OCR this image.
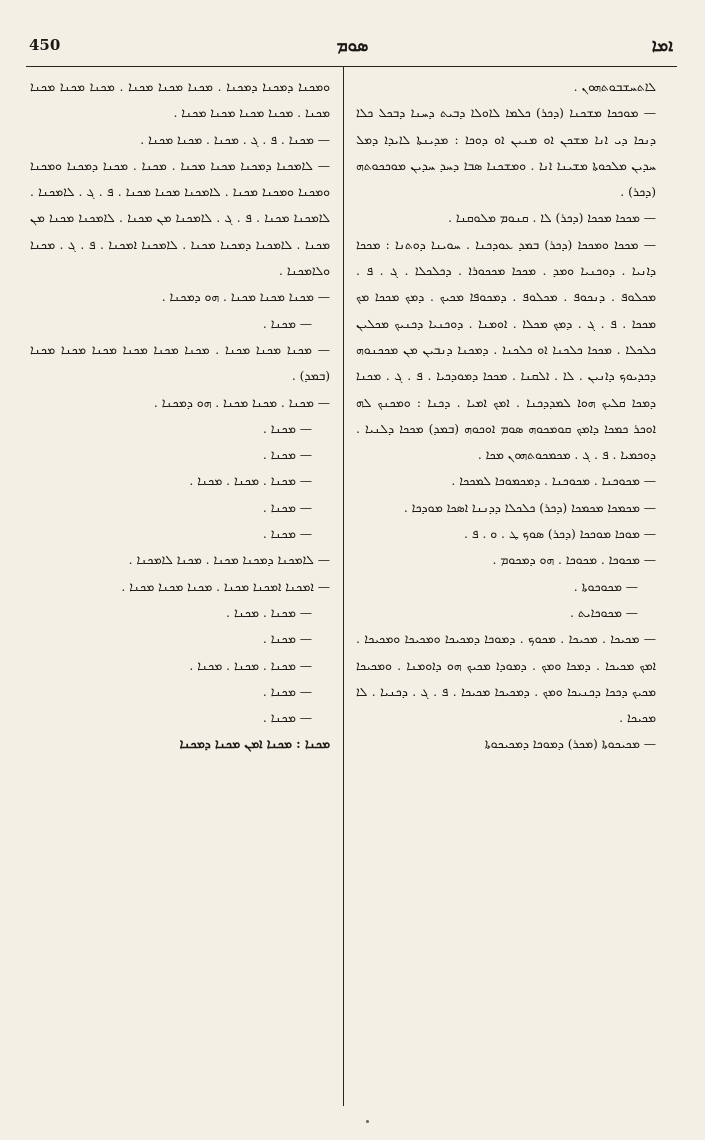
450	ܣܘܡ	ܐܡܐ

ܠܐܬܚܫܒܘܬܗܘܢ .

— ܡܘܟܟܐ ܡܫܟܢܐ (ܕܟܪ) ܟܠܡܐ ܠܐܘܠܐ ܕܒܝܬ ܕܚܢܐ ܕܒܟܠ ܟܠܐ ܕܢܟܐ ܕܝ ܐܢܐ ܡܫܟܢ ܐܘ ܡܢܝܢ ܐܘ ܕܘܟܐ : ܡܕܝܢܬܐ ܠܐܝܕܐ ܕܡܠ ܚܕܝܢ ܡܠܟܘܬܐ ܡܫܝܢܐ ܐܢܐ . ܘܡܫܟܢܐ ܣܒܐ ܕܚܕ ܚܕܝܢ ܡܘܟܟܘܬܗ (ܕܟܪ) .

— ܡܟܟܐ ܡܟܟܐ (ܕܟܪ) ܠܐ . ܩܢܘܡ ܡܠܘܩܢܐ .

— ܡܟܟܐ ܘܡܟܟܐ (ܕܟܪ) ܒܡܕ ܥܘܕܟܢܐ . ܚܘܝܢܐ ܕܘܬܢܐ : ܡܟܟܐ ܕܐܢܝܐ . ܕܘܟܢܝܐ ܘܡܕ . ܡܟܟܐ ܡܟܟܘܪܐ . ܕܟܠܟܠܐ . ܓ . ܦ . ܡܟܠܘܦ . ܕܢܟܘܦ . ܡܟܠܘܦ . ܕܡܟܘܦܐ ܡܟܝܟ . ܕܡܟ ܡܟܟܐ ܡܟ ܡܟܟܐ . ܦ . ܓ . ܕܡܟ ܡܟܠܐ . ܐܘܡܢܐ . ܕܘܟܢܝܐ ܕܟܢܝܟ ܡܟܠܝܢ ܟܠܟܠܐ . ܡܟܟܐ ܟܠܟܢܐ ܐܘ ܟܠܟܢܐ . ܕܡܟܢܐ ܕܢܒܝܢ ܡܢ ܡܟܟܢܘܗ ܕܟܕܝܘܟ ܕܐܢܝܢ . ܠܐ . ܐܠܩܢܐ . ܡܟܟܐ ܕܡܘܕܟܝܐ . ܦ . ܓ . ܡܟܢܐ ܕܡܟܐ ܩܠܝܟ ܗܘܐ ܠܡܕܕܟܢܐ . ܐܡܟ ܐܡܝܐ . ܕܟܢܐ : ܘܡܟܢܟ ܠܗ ܐܘܟܪ ܟܡܟܐ ܕܐܡܟ ܩܘܡܟܘܗ ܣܘܡ ܐܘܟܘܗ (ܒܡܕ) ܡܟܟܐ ܕܠܢܝܐ . ܕܘܟܡܝܐ . ܦ . ܓ . ܡܟܡܟܘܬܗܘܢ ܡܟܐ .

— ܡܟܘܟܢܐ . ܡܟܘܟܢܐ . ܕܡܟܡܘܟܐ ܠܡܟܟܐ .

— ܡܟܡܟܐ ܡܟܡܟܐ (ܕܟܪ) ܟܠܟܠܐ ܕܕܢܢܐ ܐܣܟܐ ܡܘܕܟܐ .

— ܡܘܟܐ ܡܘܟܟܐ (ܕܟܪ) ܣܘܟ ܛ . ܘ . ܦ .

— ܡܟܘܟܐ . ܡܟܘܟܐ . ܗܘ ܕܡܟܘܡ .

— ܡܟܘܟܘܬܐ .

— ܡܟܘܟܐܝܬ .

— ܡܟܝܟܐ . ܡܟܝܟܐ . ܡܟܘܟ . ܕܡܘܟܐ ܕܡܟܝܟܐ ܘܡܟܝܟܐ ܘܡܟܝܟܐ . ܐܡܟ ܡܟܝܟܐ . ܕܡܟܐ ܘܡܟ . ܕܡܘܕܐ ܡܟܝܟ ܗܘ ܕܐܘܡܢܐ . ܘܡܟܝܟܐ ܡܟܝܟ ܕܟܟܐ ܕܟܢܝܟܐ ܘܡܟ . ܕܡܟܝܟܐ ܡܟܝܟܐ . ܦ . ܓ . ܕܟܢܝܐ . ܠܐ ܡܟܝܟܐ .

— ܡܟܝܟܘܬܐ (ܡܟܪ) ܕܡܘܟܐ ܕܡܟܝܟܘܬܐ

ܘܡܟܢܐ ܕܡܟܢܐ ܕܡܟܢܐ . ܡܟܢܐ ܡܟܢܐ ܡܟܢܐ . ܡܟܢܐ ܡܟܢܐ ܡܟܢܐ ܡܟܢܐ . ܡܟܢܐ ܡܟܢܐ ܡܟܢܐ ܡܟܢܐ .

— ܡܟܢܐ . ܦ . ܓ . ܡܟܢܐ . ܡܟܢܐ ܡܟܢܐ .

— ܠܐܡܟܢܐ ܕܡܟܢܐ ܡܟܢܐ ܡܟܢܐ . ܡܟܢܐ . ܡܟܢܐ ܕܡܟܢܐ ܘܡܟܢܐ ܘܡܟܢܐ ܘܡܟܢܐ ܡܟܢܐ . ܠܐܡܟܢܐ ܡܟܢܐ ܡܟܢܐ . ܦ . ܓ . ܠܐܡܟܢܐ . ܠܐܡܟܢܐ ܡܟܢܐ . ܦ . ܓ . ܠܐܡܟܢܐ ܡܢ ܡܟܢܐ . ܠܐܡܟܢܐ ܡܟܢܐ ܡܢ ܡܟܢܐ . ܠܐܡܟܢܐ ܕܡܟܢܐ ܡܟܢܐ . ܠܐܡܟܢܐ ܐܡܟܢܐ . ܦ . ܓ . ܡܟܢܐ ܘܠܐܡܟܢܐ .

— ܡܟܢܐ ܡܟܢܐ ܡܟܢܐ . ܗܘ ܕܡܟܢܐ .

— ܡܟܢܐ .

— ܡܟܢܐ ܡܟܢܐ ܡܟܢܐ . ܡܟܢܐ ܡܟܢܐ ܡܟܢܐ ܡܟܢܐ ܡܟܢܐ ܡܟܢܐ (ܒܡܕ) .

— ܡܟܢܐ . ܡܟܢܐ ܡܟܢܐ . ܗܘ ܕܡܟܢܐ .

— ܡܟܢܐ .

— ܡܟܢܐ .

— ܡܟܢܐ . ܡܟܢܐ . ܡܟܢܐ .

— ܡܟܢܐ .

— ܡܟܢܐ .

— ܠܐܡܟܢܐ ܕܡܟܢܐ ܡܟܢܐ . ܡܟܢܐ ܠܐܡܟܢܐ .

— ܐܡܟܢܐ ܐܡܟܢܐ ܡܟܢܐ . ܡܟܢܐ ܡܟܢܐ ܡܟܢܐ .

— ܡܟܢܐ . ܡܟܢܐ .

— ܡܟܢܐ .

— ܡܟܢܐ . ܡܟܢܐ . ܡܟܢܐ .

— ܡܟܢܐ .

— ܡܟܢܐ .

ܡܟܢܐ : ܡܟܢܐ ܐܡܢ ܡܟܢܐ ܕܡܟܢܐ
